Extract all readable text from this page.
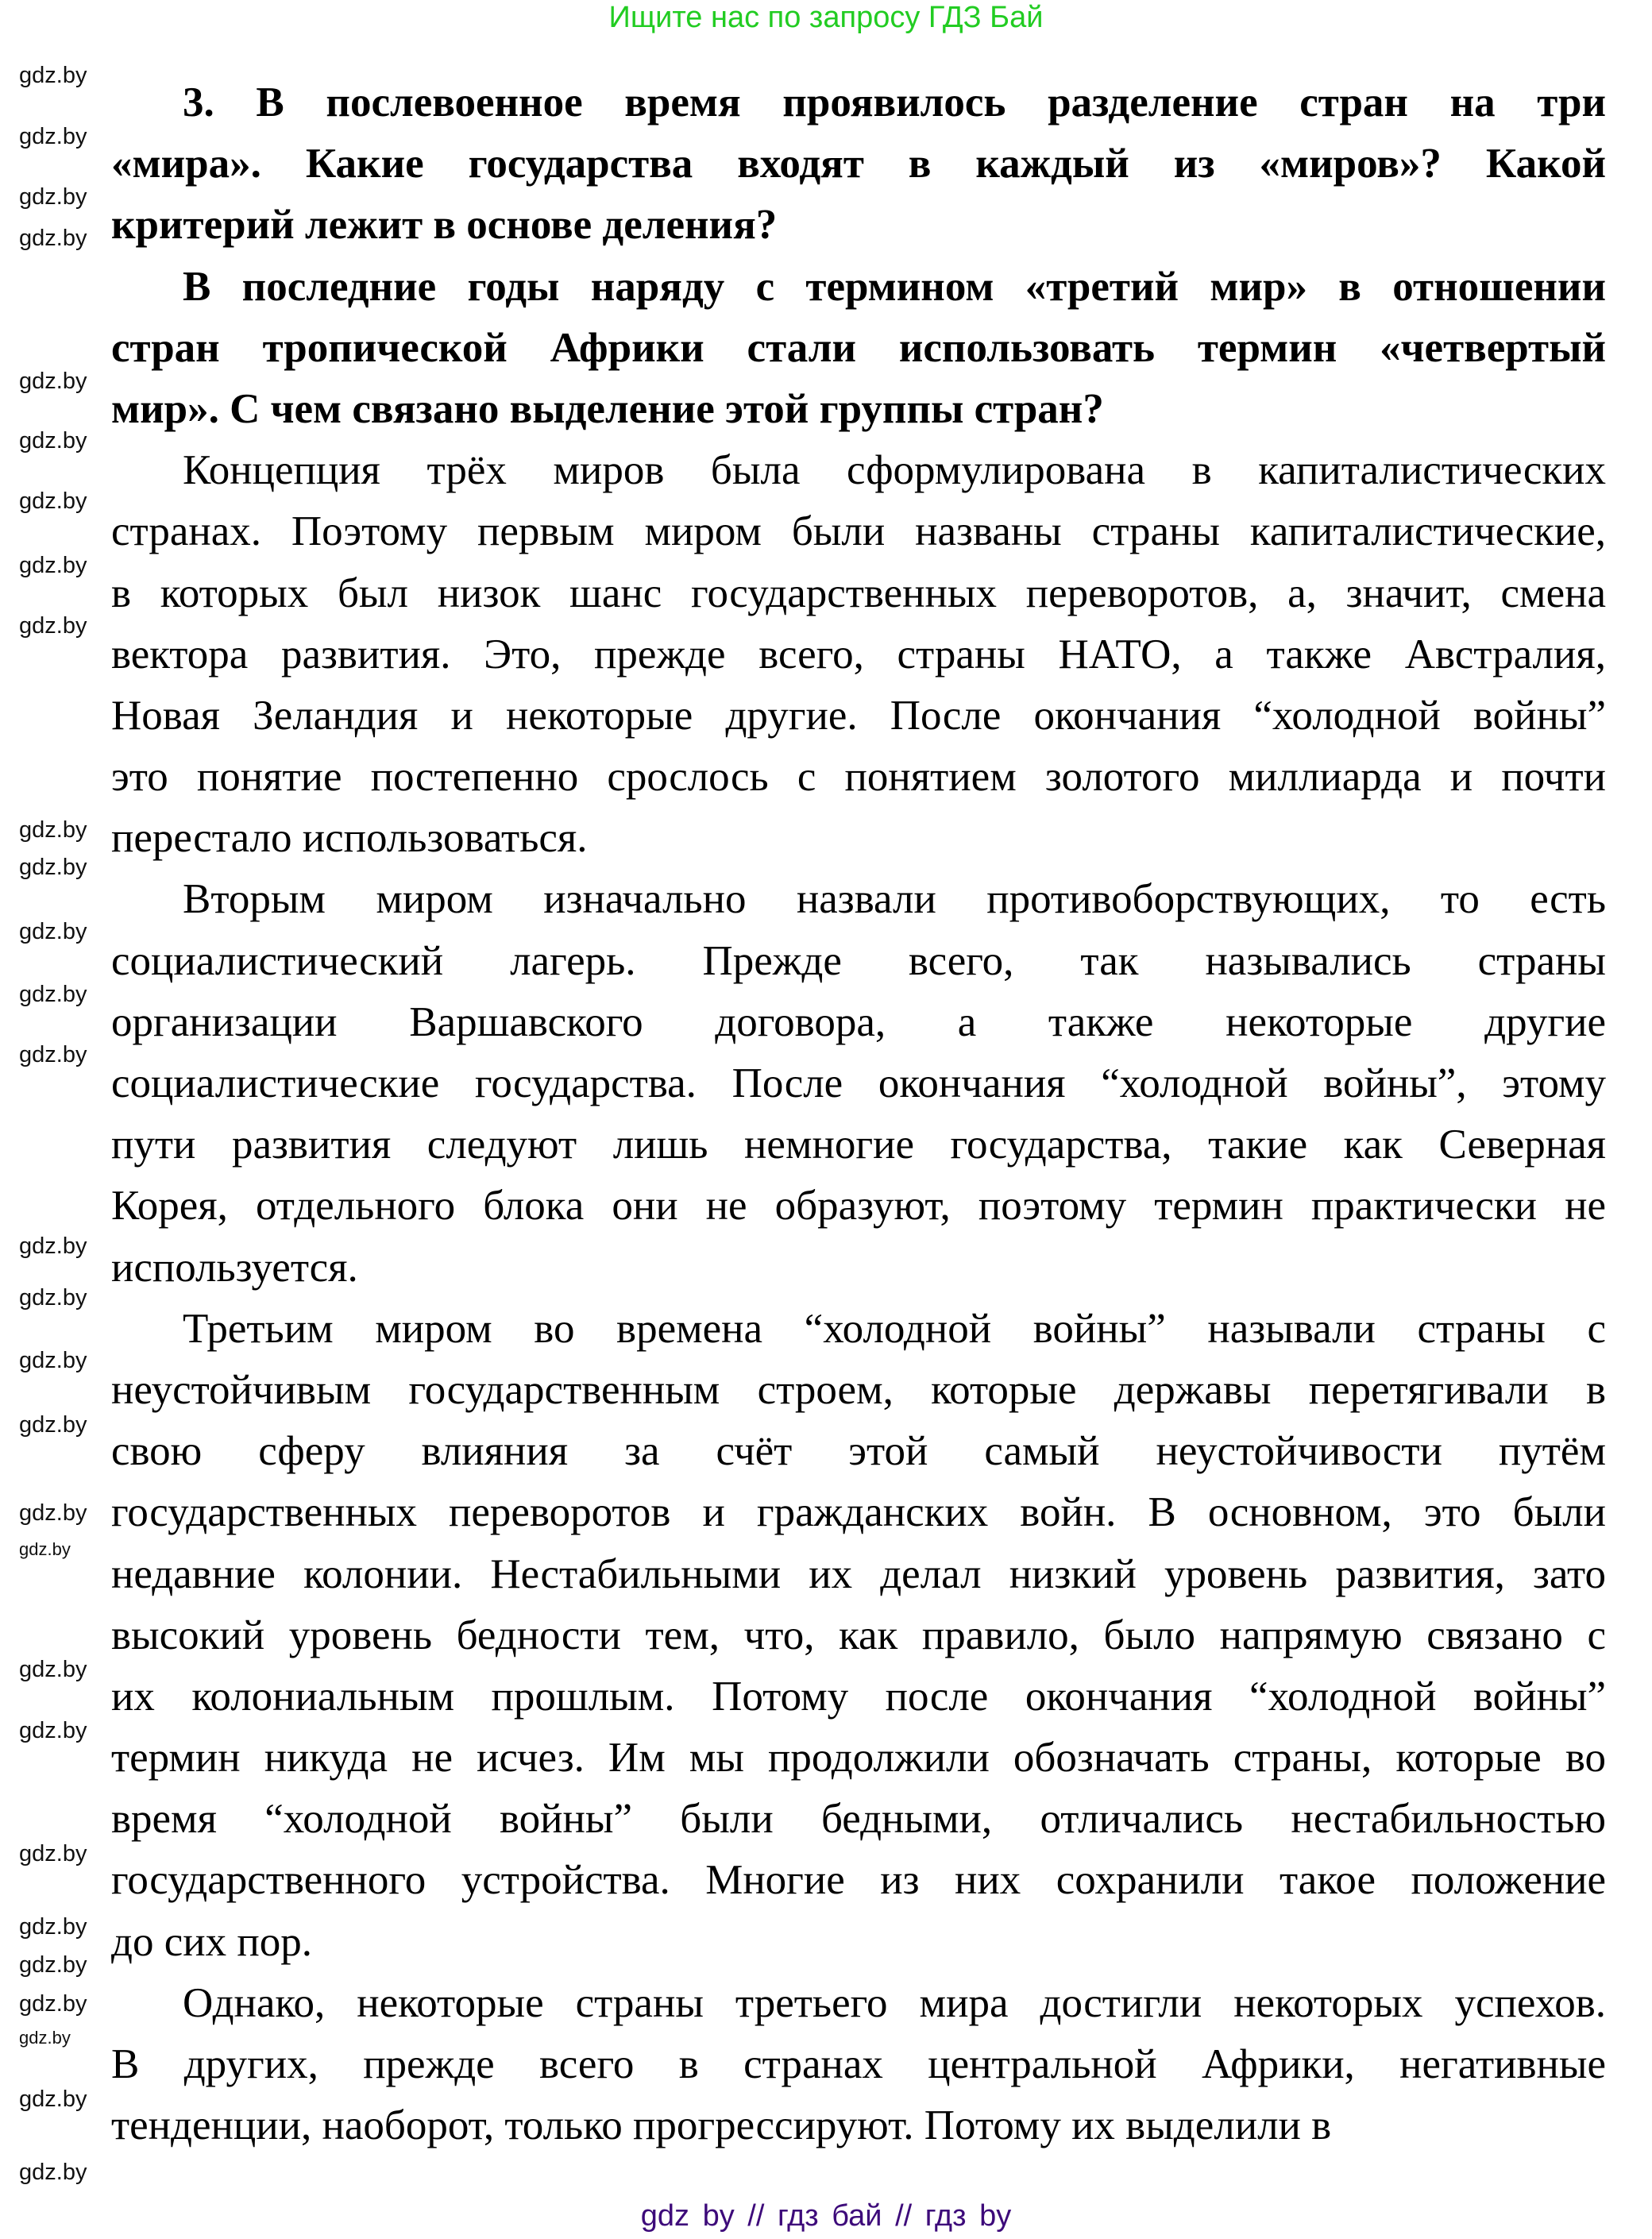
Ищите нас по запросу ГДЗ Бай
3. В послевоенное время проявилось разделение стран на три
«мира». Какие государства входят в каждый из «миров»? Какой
критерий лежит в основе деления?
В последние годы наряду с термином «третий мир» в отношении
стран тропической Африки стали использовать термин «четвертый
мир». С чем связано выделение этой группы стран?
Концепция трёх миров была сформулирована в капиталистических
странах. Поэтому первым миром были названы страны капиталистические,
в которых был низок шанс государственных переворотов, а, значит, смена
вектора развития. Это, прежде всего, страны НАТО, а также Австралия,
Новая Зеландия и некоторые другие. После окончания “холодной войны”
это понятие постепенно срослось с понятием золотого миллиарда и почти
перестало использоваться.
Вторым миром изначально назвали противоборствующих, то есть
социалистический лагерь. Прежде всего, так назывались страны
организации Варшавского договора, а также некоторые другие
социалистические государства. После окончания “холодной войны”, этому
пути развития следуют лишь немногие государства, такие как Северная
Корея, отдельного блока они не образуют, поэтому термин практически не
используется.
Третьим миром во времена “холодной войны” называли страны с
неустойчивым государственным строем, которые державы перетягивали в
свою сферу влияния за счёт этой самый неустойчивости путём
государственных переворотов и гражданских войн. В основном, это были
недавние колонии. Нестабильными их делал низкий уровень развития, зато
высокий уровень бедности тем, что, как правило, было напрямую связано с
их колониальным прошлым. Потому после окончания “холодной войны”
термин никуда не исчез. Им мы продолжили обозначать страны, которые во
время “холодной войны” были бедными, отличались нестабильностью
государственного устройства. Многие из них сохранили такое положение
до сих пор.
Однако, некоторые страны третьего мира достигли некоторых успехов.
В других, прежде всего в странах центральной Африки, негативные
тенденции, наоборот, только прогрессируют. Потому их выделили в
gdz.by
gdz.by
gdz.by
gdz.by
gdz.by
gdz.by
gdz.by
gdz.by
gdz.by
gdz.by
gdz.by
gdz.by
gdz.by
gdz.by
gdz.by
gdz.by
gdz.by
gdz.by
gdz.by
gdz.by
gdz.by
gdz.by
gdz.by
gdz.by
gdz.by
gdz.by
gdz.by
gdz.by
gdz.by
gdz by // гдз бай // гдз by
